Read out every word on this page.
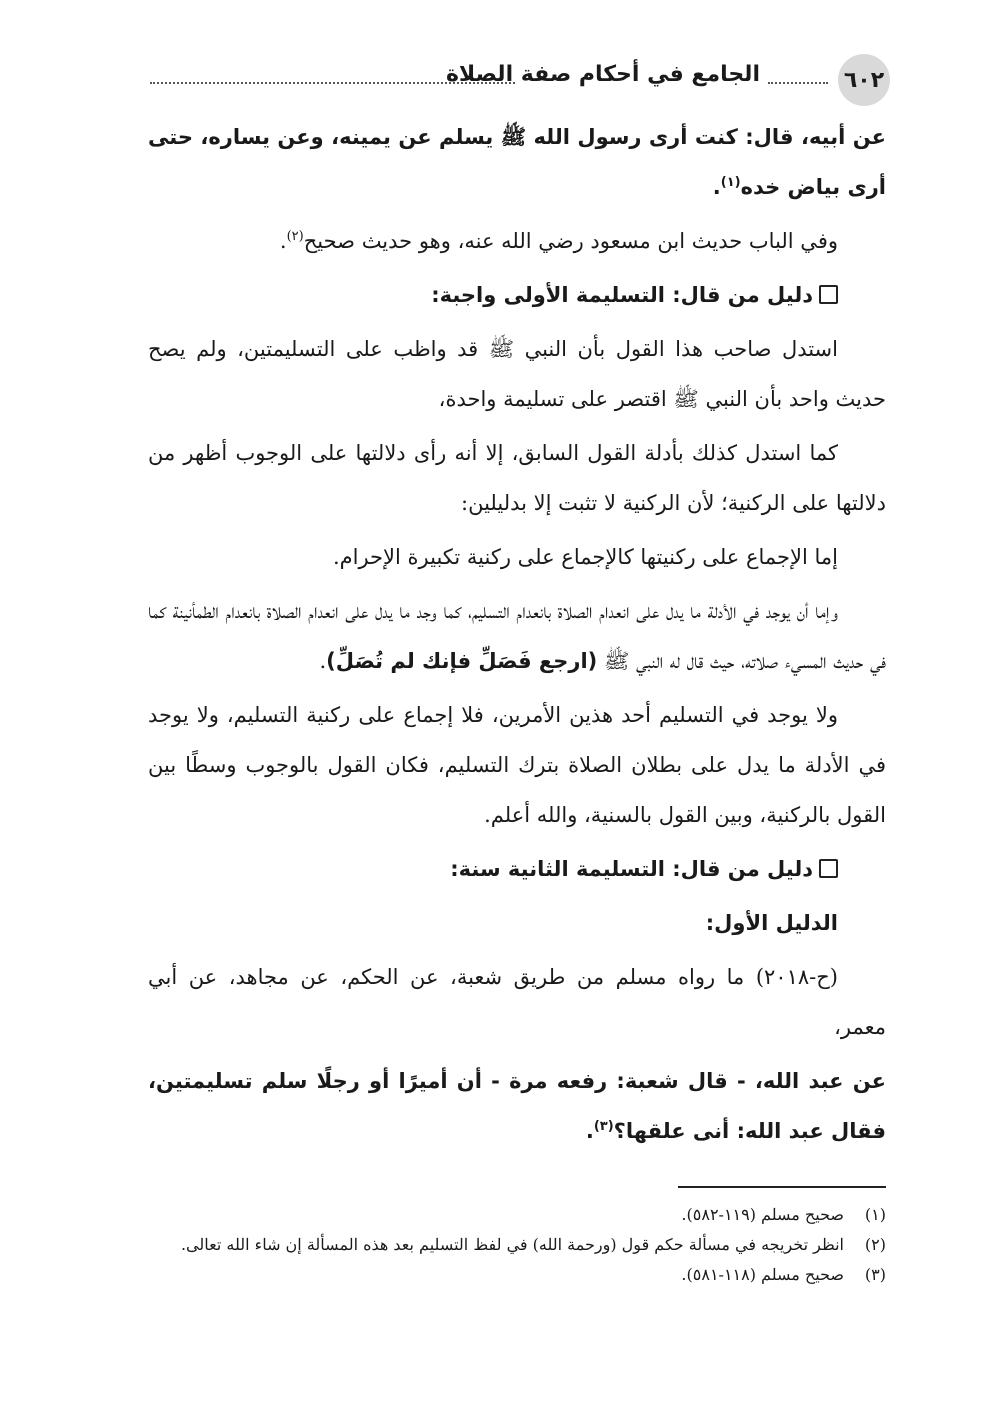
٦٠٢
الجامع في أحكام صفة الصلاة

عن أبيه، قال: كنت أرى رسول الله ﷺ يسلم عن يمينه، وعن يساره، حتى أرى بياض خده$^{(١)}$.

وفي الباب حديث ابن مسعود رضي الله عنه، وهو حديث صحيح$^{(٢)}$.

دليل من قال: التسليمة الأولى واجبة:

استدل صاحب هذا القول بأن النبي ﷺ قد واظب على التسليمتين، ولم يصح حديث واحد بأن النبي ﷺ اقتصر على تسليمة واحدة،

كما استدل كذلك بأدلة القول السابق، إلا أنه رأى دلالتها على الوجوب أظهر من دلالتها على الركنية؛ لأن الركنية لا تثبت إلا بدليلين:

إما الإجماع على ركنيتها كالإجماع على ركنية تكبيرة الإحرام.

وإما أن يوجد في الأدلة ما يدل على انعدام الصلاة بانعدام التسليم، كما وجد ما يدل على انعدام الصلاة بانعدام الطمأنينة كما في حديث المسيء صلاته، حيث قال له النبي ﷺ (ارجع فَصَلِّ فإنك لم تُصَلِّ).

ولا يوجد في التسليم أحد هذين الأمرين، فلا إجماع على ركنية التسليم، ولا يوجد في الأدلة ما يدل على بطلان الصلاة بترك التسليم، فكان القول بالوجوب وسطًا بين القول بالركنية، وبين القول بالسنية، والله أعلم.

دليل من قال: التسليمة الثانية سنة:

الدليل الأول:

(ح-٢٠١٨) ما رواه مسلم من طريق شعبة، عن الحكم، عن مجاهد، عن أبي معمر،

عن عبد الله، - قال شعبة: رفعه مرة - أن أميرًا أو رجلًا سلم تسليمتين، فقال عبد الله: أنى علقها؟$^{(٣)}$.

(١)صحيح مسلم (١١٩-٥٨٢).
(٢)انظر تخريجه في مسألة حكم قول (ورحمة الله) في لفظ التسليم بعد هذه المسألة إن شاء الله تعالى.
(٣)صحيح مسلم (١١٨-٥٨١).
